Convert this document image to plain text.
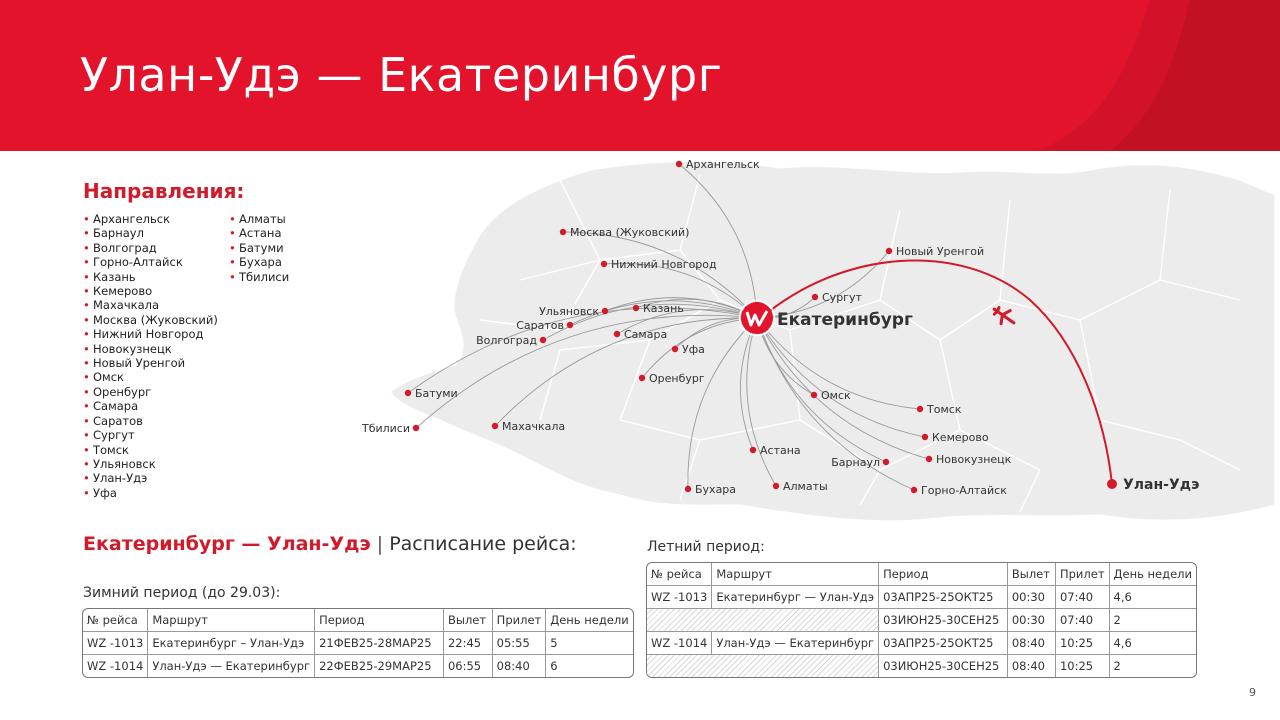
Улан-Удэ — Екатеринбург
Архангельск
Москва (Жуковский)
Нижний Новгород
Новый Уренгой
Сургут
Ульяновск	Казань
Саратов
Самара
Волгоград
Уфа
Оренбург
Батуми	Омск
Томск
Тбилиси	Махачкала
Кемерово
Астана
Барнаул	Новокузнецк
Бухара	Алматы	Горно-Алтайск
Екатеринбург
Улан-Удэ
Направления:
• Архангельск
• Барнаул
• Волгоград
• Горно-Алтайск
• Казань
• Кемерово
• Махачкала
• Москва (Жуковский)
• Нижний Новгород
• Новокузнецк
• Новый Уренгой
• Омск
• Оренбург
• Самара
• Саратов
• Сургут
• Томск
• Ульяновск
• Улан-Удэ
• Уфа
• Алматы
• Астана
• Батуми
• Бухара
• Тбилиси
Екатеринбург — Улан-Удэ | Расписание рейса:
Зимний период (до 29.03):
Летний период:
№ рейса	Маршрут	Период	Вылет	Прилет	День недели
WZ -1013	Екатеринбург – Улан-Удэ	21ФЕВ25-28МАР25	22:45	05:55	5
WZ -1014	Улан-Удэ — Екатеринбург	22ФЕВ25-29МАР25	06:55	08:40	6
№ рейса	Маршрут	Период	Вылет	Прилет	День недели
WZ -1013	Екатеринбург — Улан-Удэ	03АПР25-25ОКТ25	00:30	07:40	4,6
		03ИЮН25-30СЕН25	00:30	07:40	2
WZ -1014	Улан-Удэ — Екатеринбург	03АПР25-25ОКТ25	08:40	10:25	4,6
		03ИЮН25-30СЕН25	08:40	10:25	2
9
